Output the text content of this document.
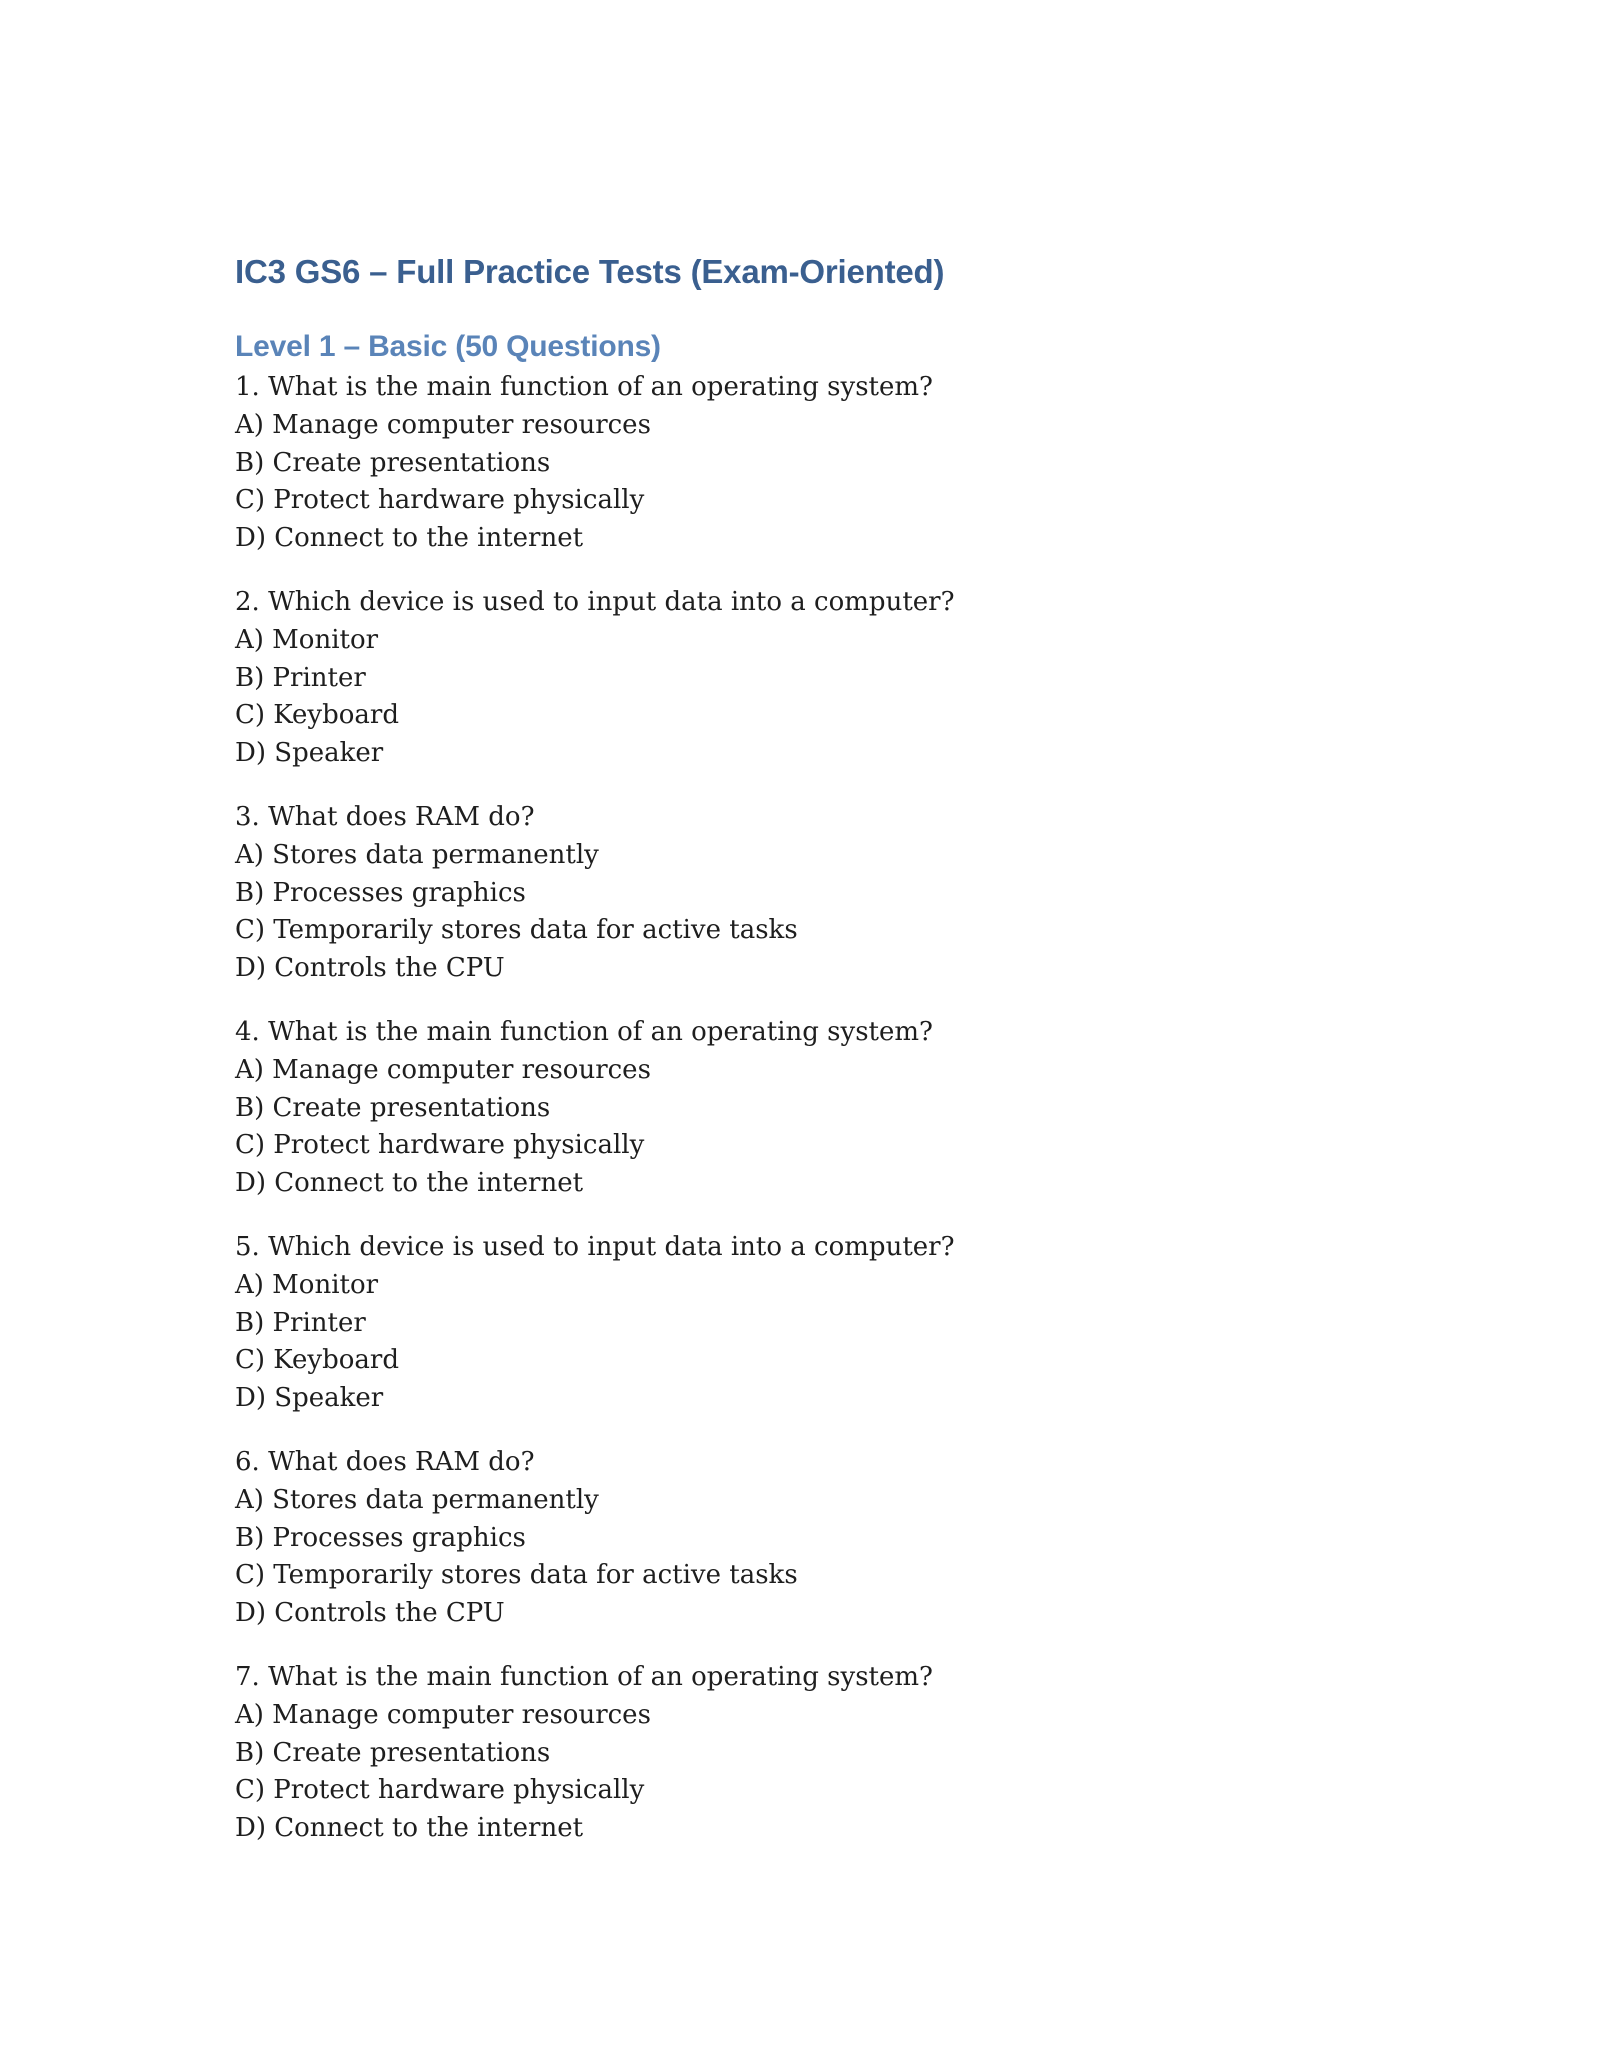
IC3 GS6 – Full Practice Tests (Exam-Oriented)
Level 1 – Basic (50 Questions)
1. What is the main function of an operating system?
A) Manage computer resources
B) Create presentations
C) Protect hardware physically
D) Connect to the internet
2. Which device is used to input data into a computer?
A) Monitor
B) Printer
C) Keyboard
D) Speaker
3. What does RAM do?
A) Stores data permanently
B) Processes graphics
C) Temporarily stores data for active tasks
D) Controls the CPU
4. What is the main function of an operating system?
A) Manage computer resources
B) Create presentations
C) Protect hardware physically
D) Connect to the internet
5. Which device is used to input data into a computer?
A) Monitor
B) Printer
C) Keyboard
D) Speaker
6. What does RAM do?
A) Stores data permanently
B) Processes graphics
C) Temporarily stores data for active tasks
D) Controls the CPU
7. What is the main function of an operating system?
A) Manage computer resources
B) Create presentations
C) Protect hardware physically
D) Connect to the internet
